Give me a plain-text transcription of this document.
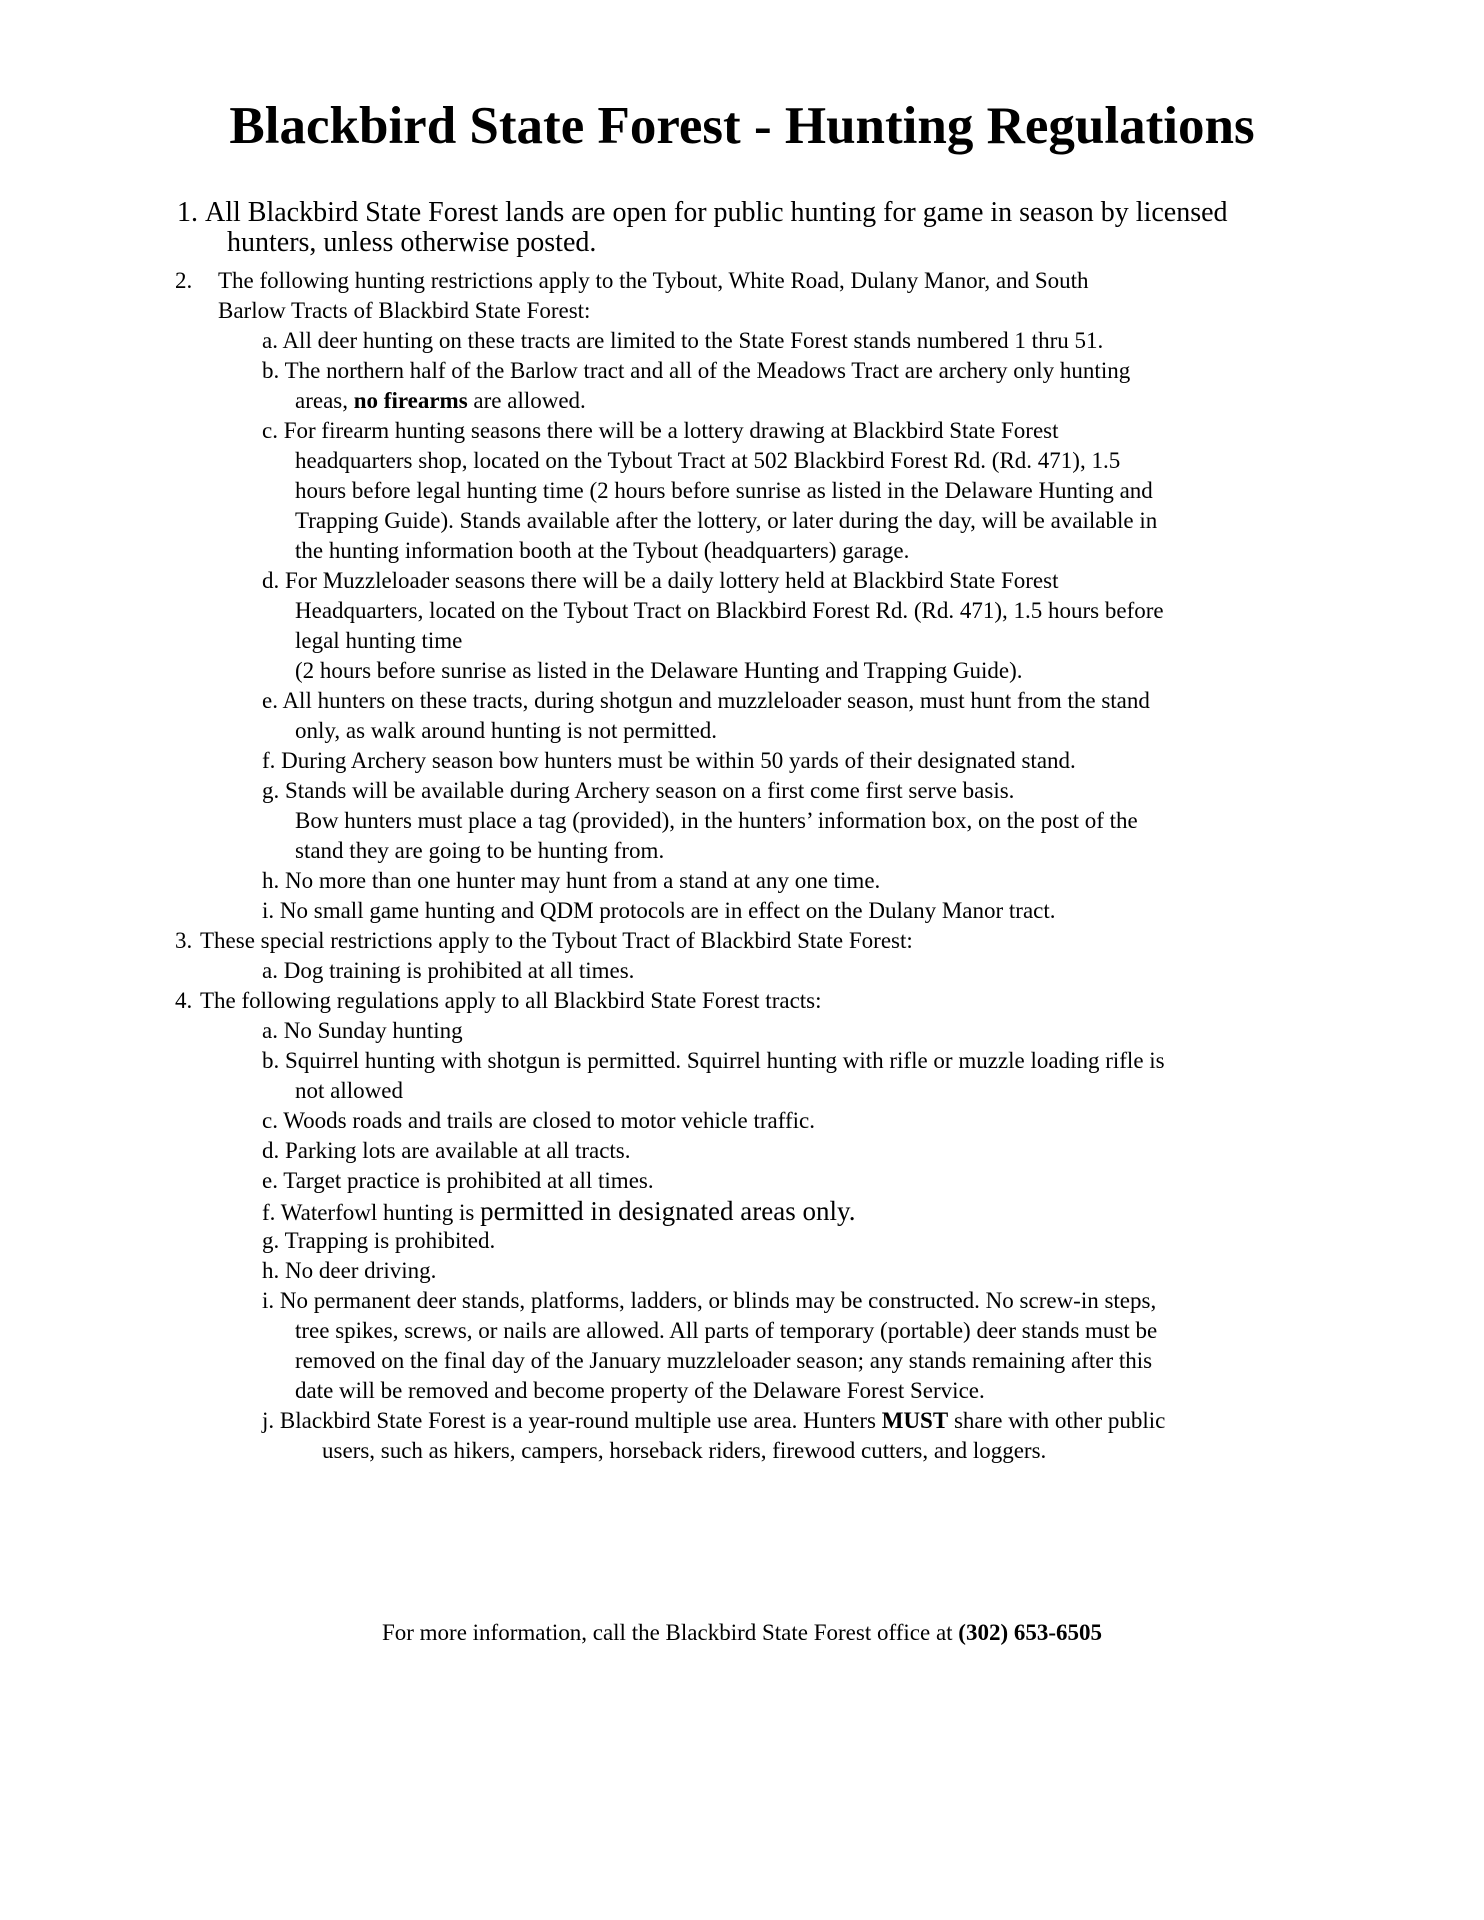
Blackbird State Forest - Hunting Regulations
1. All Blackbird State Forest lands are open for public hunting for game in season by licensed
hunters, unless otherwise posted.
2. The following hunting restrictions apply to the Tybout, White Road, Dulany Manor, and South
Barlow Tracts of Blackbird State Forest:
a. All deer hunting on these tracts are limited to the State Forest stands numbered 1 thru 51.
b. The northern half of the Barlow tract and all of the Meadows Tract are archery only hunting
areas, no firearms are allowed.
c. For firearm hunting seasons there will be a lottery drawing at Blackbird State Forest
headquarters shop, located on the Tybout Tract at 502 Blackbird Forest Rd. (Rd. 471), 1.5
hours before legal hunting time (2 hours before sunrise as listed in the Delaware Hunting and
Trapping Guide). Stands available after the lottery, or later during the day, will be available in
the hunting information booth at the Tybout (headquarters) garage.
d. For Muzzleloader seasons there will be a daily lottery held at Blackbird State Forest
Headquarters, located on the Tybout Tract on Blackbird Forest Rd. (Rd. 471), 1.5 hours before
legal hunting time
(2 hours before sunrise as listed in the Delaware Hunting and Trapping Guide).
e. All hunters on these tracts, during shotgun and muzzleloader season, must hunt from the stand
only, as walk around hunting is not permitted.
f. During Archery season bow hunters must be within 50 yards of their designated stand.
g. Stands will be available during Archery season on a first come first serve basis.
Bow hunters must place a tag (provided), in the hunters’ information box, on the post of the
stand they are going to be hunting from.
h. No more than one hunter may hunt from a stand at any one time.
i. No small game hunting and QDM protocols are in effect on the Dulany Manor tract.
3. These special restrictions apply to the Tybout Tract of Blackbird State Forest:
a. Dog training is prohibited at all times.
4. The following regulations apply to all Blackbird State Forest tracts:
a. No Sunday hunting
b. Squirrel hunting with shotgun is permitted. Squirrel hunting with rifle or muzzle loading rifle is
not allowed
c. Woods roads and trails are closed to motor vehicle traffic.
d. Parking lots are available at all tracts.
e. Target practice is prohibited at all times.
f. Waterfowl hunting is permitted in designated areas only.
g. Trapping is prohibited.
h. No deer driving.
i. No permanent deer stands, platforms, ladders, or blinds may be constructed. No screw-in steps,
tree spikes, screws, or nails are allowed. All parts of temporary (portable) deer stands must be
removed on the final day of the January muzzleloader season; any stands remaining after this
date will be removed and become property of the Delaware Forest Service.
j. Blackbird State Forest is a year-round multiple use area. Hunters MUST share with other public
users, such as hikers, campers, horseback riders, firewood cutters, and loggers.
For more information, call the Blackbird State Forest office at (302) 653-6505
